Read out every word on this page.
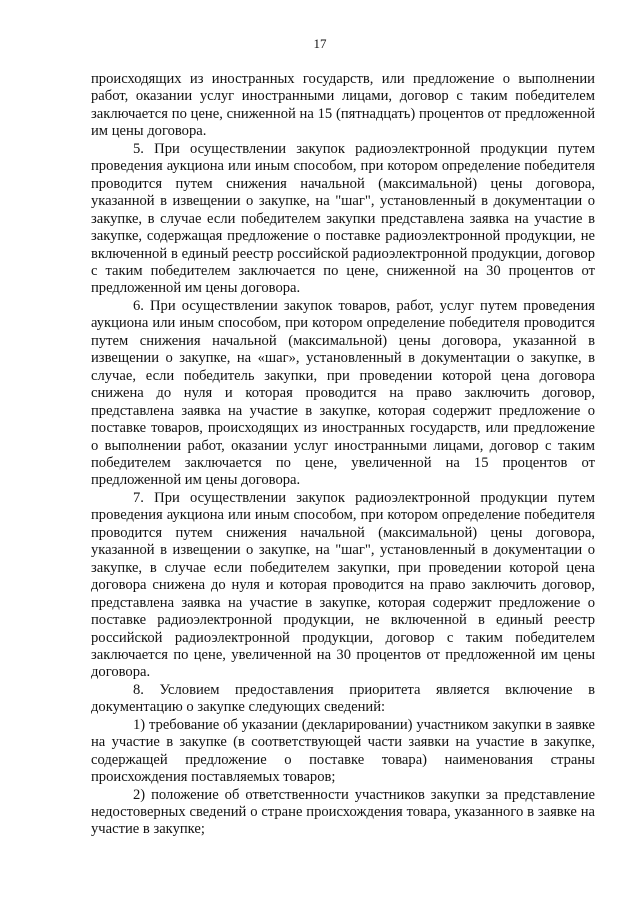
17

происходящих из иностранных государств, или предложение о выполнении работ, оказании услуг иностранными лицами, договор с таким победителем заключается по цене, сниженной на 15 (пятнадцать) процентов от предложенной им цены договора.

5. При осуществлении закупок радиоэлектронной продукции путем проведения аукциона или иным способом, при котором определение победителя проводится путем снижения начальной (максимальной) цены договора, указанной в извещении о закупке, на "шаг", установленный в документации о закупке, в случае если победителем закупки представлена заявка на участие в закупке, содержащая предложение о поставке радиоэлектронной продукции, не включенной в единый реестр российской радиоэлектронной продукции, договор с таким победителем заключается по цене, сниженной на 30 процентов от предложенной им цены договора.

6. При осуществлении закупок товаров, работ, услуг путем проведения аукциона или иным способом, при котором определение победителя проводится путем снижения начальной (максимальной) цены договора, указанной в извещении о закупке, на «шаг», установленный в документации о закупке, в случае, если победитель закупки, при проведении которой цена договора снижена до нуля и которая проводится на право заключить договор, представлена заявка на участие в закупке, которая содержит предложение о поставке товаров, происходящих из иностранных государств, или предложение о выполнении работ, оказании услуг иностранными лицами, договор с таким победителем заключается по цене, увеличенной на 15 процентов от предложенной им цены договора.

7. При осуществлении закупок радиоэлектронной продукции путем проведения аукциона или иным способом, при котором определение победителя проводится путем снижения начальной (максимальной) цены договора, указанной в извещении о закупке, на "шаг", установленный в документации о закупке, в случае если победителем закупки, при проведении которой цена договора снижена до нуля и которая проводится на право заключить договор, представлена заявка на участие в закупке, которая содержит предложение о поставке радиоэлектронной продукции, не включенной в единый реестр российской радиоэлектронной продукции, договор с таким победителем заключается по цене, увеличенной на 30 процентов от предложенной им цены договора.

8. Условием предоставления приоритета является включение в документацию о закупке следующих сведений:

1) требование об указании (декларировании) участником закупки в заявке на участие в закупке (в соответствующей части заявки на участие в закупке, содержащей предложение о поставке товара) наименования страны происхождения поставляемых товаров;

2) положение об ответственности участников закупки за представление недостоверных сведений о стране происхождения товара, указанного в заявке на участие в закупке;
